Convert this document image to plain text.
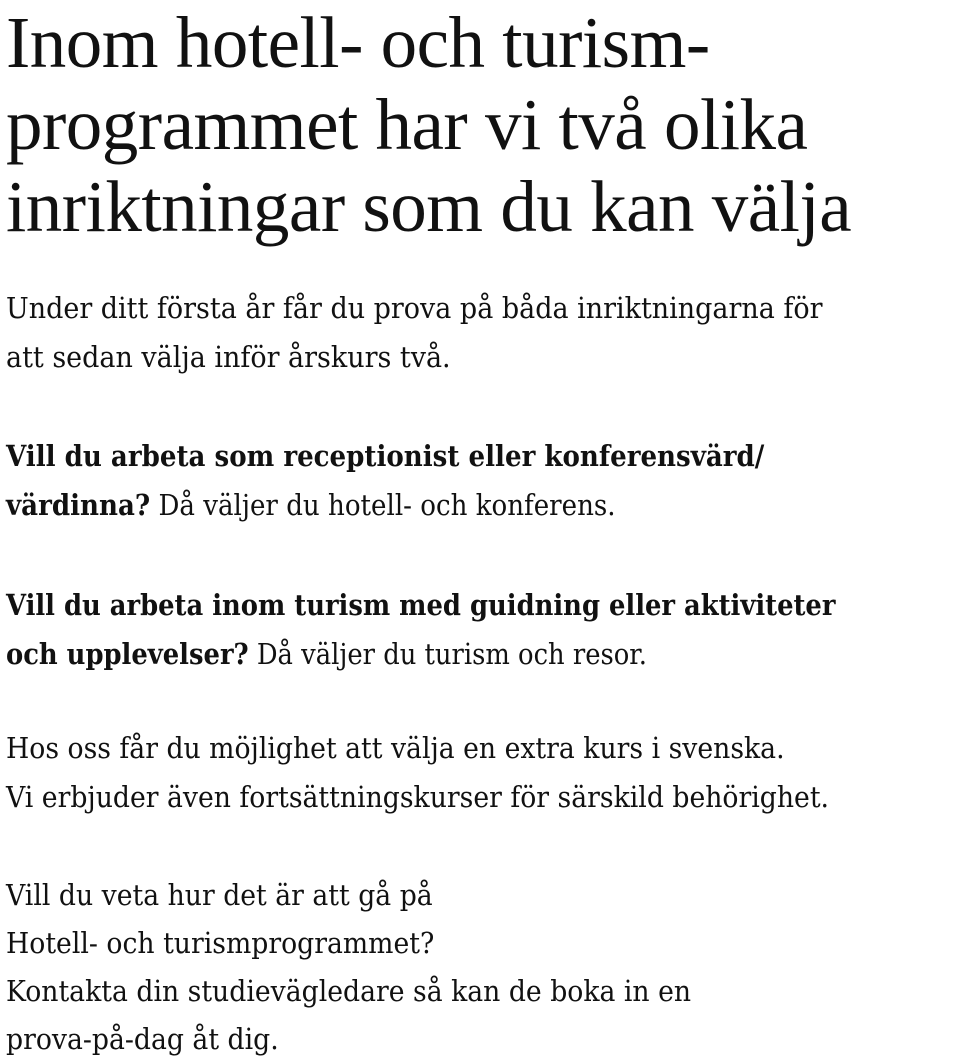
Inom hotell- och turism-
programmet har vi två olika
inriktningar som du kan välja

Under ditt första år får du prova på båda inriktningarna för
att sedan välja inför årskurs två.

Vill du arbeta som receptionist eller konferensvärd/
värdinna? Då väljer du hotell- och konferens.

Vill du arbeta inom turism med guidning eller aktiviteter
och upplevelser? Då väljer du turism och resor.

Hos oss får du möjlighet att välja en extra kurs i svenska.
Vi erbjuder även fortsättningskurser för särskild behörighet.

Vill du veta hur det är att gå på
Hotell- och turismprogrammet?
Kontakta din studievägledare så kan de boka in en
prova-på-dag åt dig.
